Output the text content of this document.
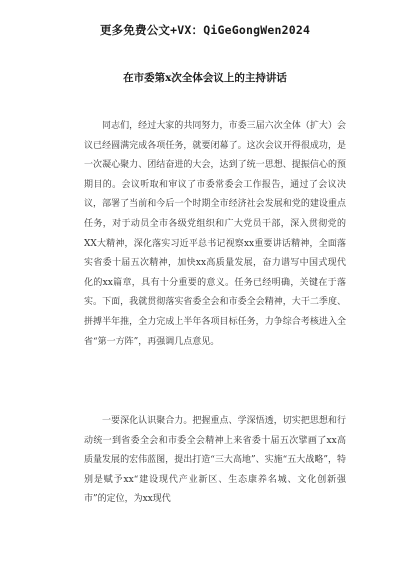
更多免费公文+VX：QiGeGongWen2024
在市委第x次全体会议上的主持讲话
同志们，经过大家的共同努力，市委三届六次全体（扩大）会议已经圆满完成各项任务，就要闭幕了。这次会议开得很成功，是一次凝心聚力、团结奋进的大会，达到了统一思想、提振信心的预期目的。会议听取和审议了市委常委会工作报告，通过了会议决议，部署了当前和今后一个时期全市经济社会发展和党的建设重点任务，对于动员全市各级党组织和广大党员干部，深入贯彻党的XX大精神，深化落实习近平总书记视察xx重要讲话精神，全面落实省委十届五次精神，加快xx高质量发展，奋力谱写中国式现代化的xx篇章，具有十分重要的意义。任务已经明确，关键在于落实。下面，我就贯彻落实省委全会和市委全会精神，大干二季度、拼搏半年推，全力完成上半年各项目标任务，力争综合考核进入全省“第一方阵”，再强调几点意见。
一要深化认识聚合力。把握重点、学深悟透，切实把思想和行动统一到省委全会和市委全会精神上来省委十届五次擘画了xx高质量发展的宏伟蓝图，提出打造“三大高地”、实施“五大战略”，特别是赋予xx“建设现代产业新区、生态康养名城、文化创新强市”的定位，为xx现代
